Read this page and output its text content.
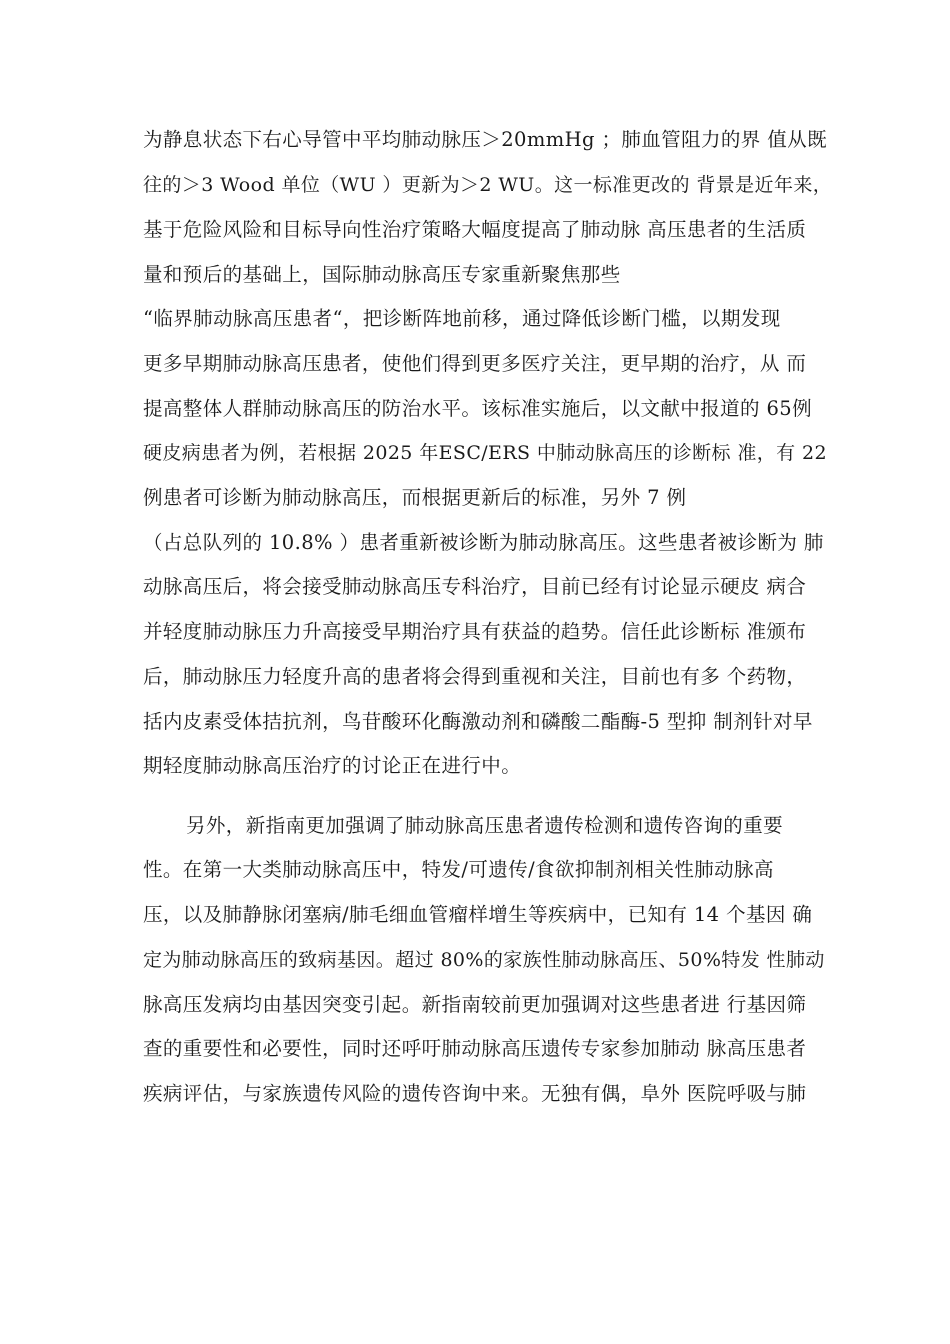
为静息状态下右心导管中平均肺动脉压＞20mmHg ；肺血管阻力的界 值从既
往的＞3 Wood 单位（WU ）更新为＞2 WU。这一标准更改的 背景是近年来，
基于危险风险和目标导向性治疗策略大幅度提高了肺动脉 高压患者的生活质
量和预后的基础上，国际肺动脉高压专家重新聚焦那些
“临界肺动脉高压患者“，把诊断阵地前移，通过降低诊断门槛，以期发现
更多早期肺动脉高压患者，使他们得到更多医疗关注，更早期的治疗，从 而
提高整体人群肺动脉高压的防治水平。该标准实施后，以文献中报道的 65例
硬皮病患者为例，若根据 2025 年ESC/ERS 中肺动脉高压的诊断标 准，有 22
例患者可诊断为肺动脉高压，而根据更新后的标准，另外 7 例
（占总队列的 10.8% ）患者重新被诊断为肺动脉高压。这些患者被诊断为 肺
动脉高压后，将会接受肺动脉高压专科治疗，目前已经有讨论显示硬皮 病合
并轻度肺动脉压力升高接受早期治疗具有获益的趋势。信任此诊断标 准颁布
后，肺动脉压力轻度升高的患者将会得到重视和关注，目前也有多 个药物，
括内皮素受体拮抗剂，鸟苷酸环化酶激动剂和磷酸二酯酶-5 型抑 制剂针对早
期轻度肺动脉高压治疗的讨论正在进行中。
另外，新指南更加强调了肺动脉高压患者遗传检测和遗传咨询的重要
性。在第一大类肺动脉高压中，特发/可遗传/食欲抑制剂相关性肺动脉高
压，以及肺静脉闭塞病/肺毛细血管瘤样增生等疾病中，已知有 14 个基因 确
定为肺动脉高压的致病基因。超过 80%的家族性肺动脉高压、50%特发 性肺动
脉高压发病均由基因突变引起。新指南较前更加强调对这些患者进 行基因筛
查的重要性和必要性，同时还呼吁肺动脉高压遗传专家参加肺动 脉高压患者
疾病评估，与家族遗传风险的遗传咨询中来。无独有偶，阜外 医院呼吸与肺
